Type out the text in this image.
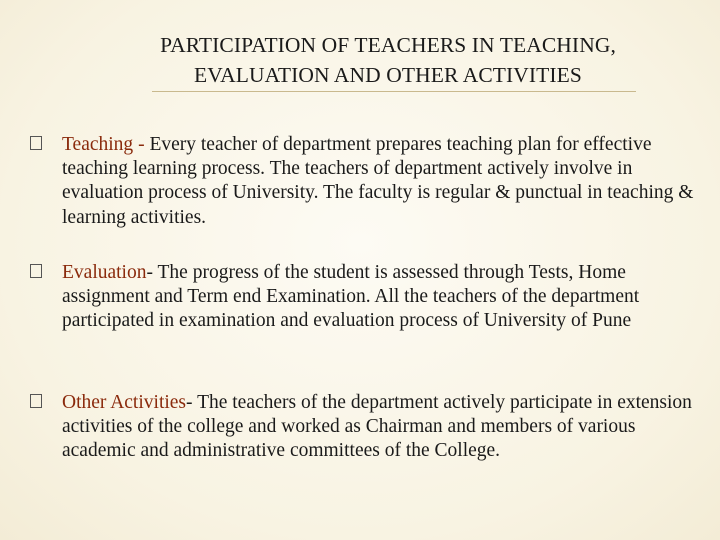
PARTICIPATION OF TEACHERS IN TEACHING,
EVALUATION AND OTHER ACTIVITIES
Teaching - Every teacher of department prepares teaching plan for effective teaching learning process. The teachers of department actively involve in evaluation process of University. The faculty is regular & punctual in teaching & learning activities.
Evaluation- The progress of the student is assessed through Tests, Home assignment and Term end Examination. All the teachers of the department participated in examination and evaluation process of University of Pune
Other Activities- The teachers of the department actively participate in extension activities of the college and worked as Chairman and members of various academic and administrative committees of the College.
